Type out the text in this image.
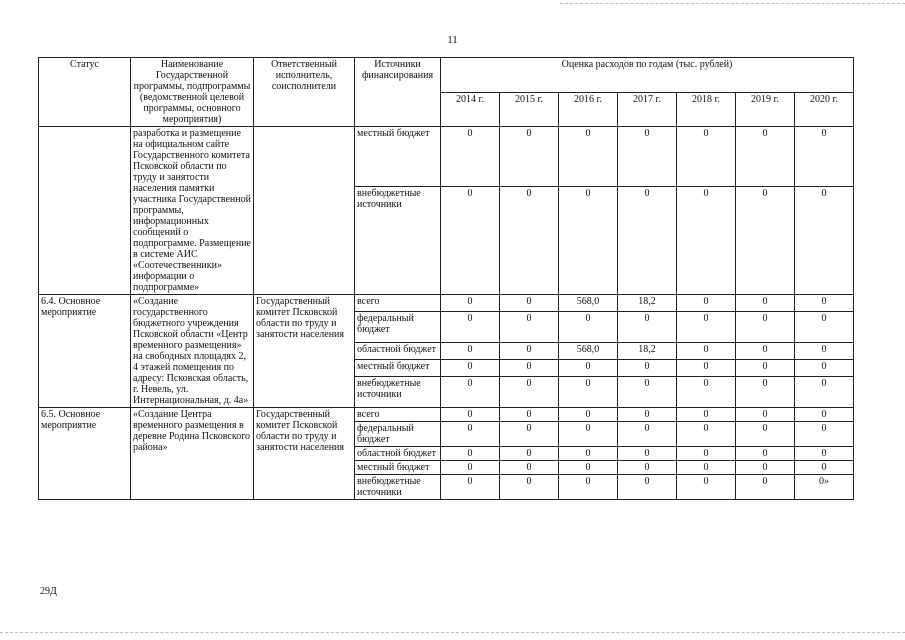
11
Статус	Наименование Государственной программы, подпрограммы (ведомственной целевой программы, основного мероприятия)	Ответственный исполнитель, соисполнители	Источники финансирования	Оценка расходов по годам (тыс. рублей)						
				2014 г.	2015 г.	2016 г.	2017 г.	2018 г.	2019 г.	2020 г.
	разработка и размещение на официальном сайте Государственного комитета Псковской области по труду и занятости населения памятки участника Государственной программы, информационных сообщений о подпрограмме. Размещение в системе АИС «Соотечественники» информации о подпрограмме»		местный бюджет	0	0	0	0	0	0	0
			внебюджетные источники	0	0	0	0	0	0	0
6.4. Основное мероприятие	«Создание государственного бюджетного учреждения Псковской области «Центр временного размещения» на свободных площадях 2, 4 этажей помещения по адресу: Псковская область, г. Невель, ул. Интернациональная, д. 4а»	Государственный комитет Псковской области по труду и занятости населения	всего	0	0	568,0	18,2	0	0	0
			федеральный бюджет	0	0	0	0	0	0	0
			областной бюджет	0	0	568,0	18,2	0	0	0
			местный бюджет	0	0	0	0	0	0	0
			внебюджетные источники	0	0	0	0	0	0	0
6.5. Основное мероприятие	«Создание Центра временного размещения в деревне Родина Псковского района»	Государственный комитет Псковской области по труду и занятости населения	всего	0	0	0	0	0	0	0
			федеральный бюджет	0	0	0	0	0	0	0
			областной бюджет	0	0	0	0	0	0	0
			местный бюджет	0	0	0	0	0	0	0
			внебюджетные источники	0	0	0	0	0	0	0»
29Д
